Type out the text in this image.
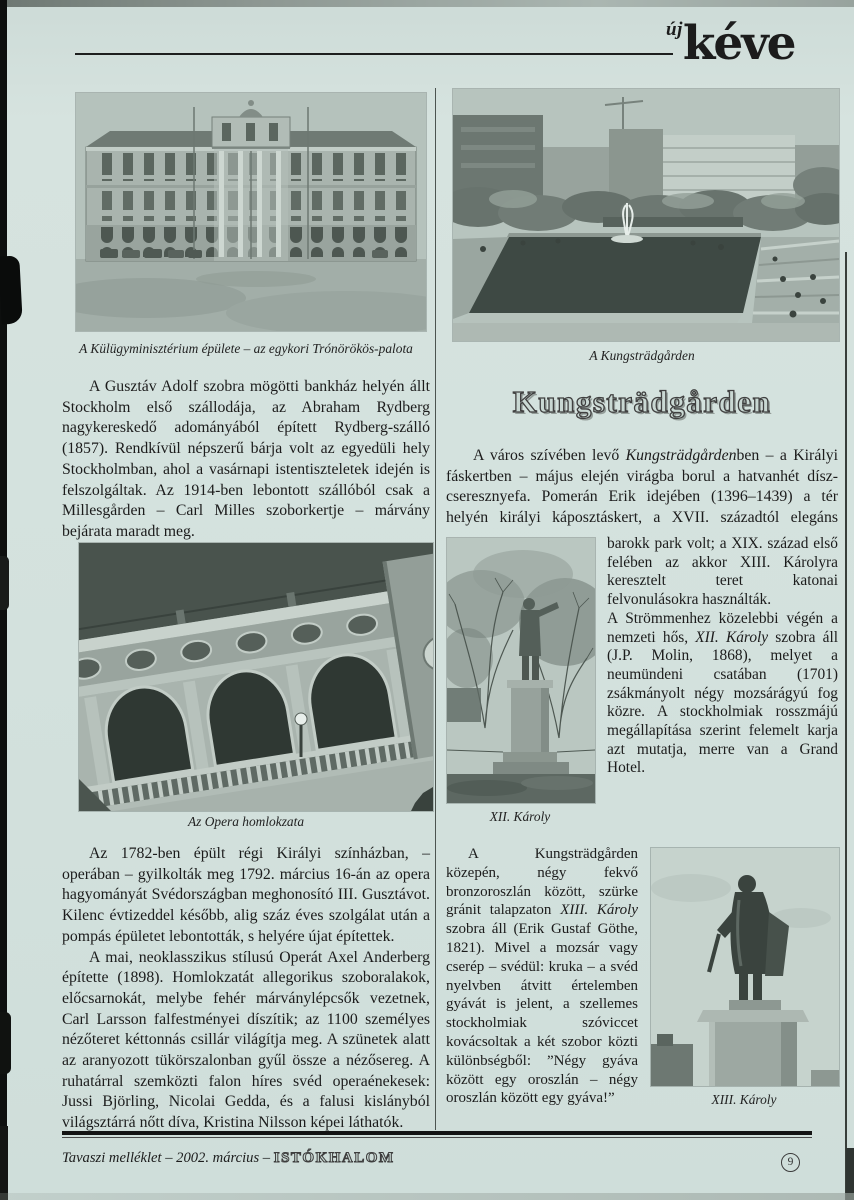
újkéve
A Külügyminisztérium épülete – az egykori Trónörökös-palota

A Gusztáv Adolf szobra mögötti bankház helyén állt Stockholm első szállodája, az Abraham Rydberg nagykereskedő adományából épített Rydberg-szálló (1857). Rendkívül népszerű bárja volt az egyedüli hely Stockholmban, ahol a vasárnapi istentiszteletek idején is felszolgáltak. Az 1914-ben lebontott szállóból csak a Millesgården – Carl Milles szoborkertje – márvány bejárata maradt meg.

Az Opera homlokzata

Az 1782-ben épült régi Királyi színházban, – operában – gyilkolták meg 1792. március 16-án az opera hagyományát Svédországban meghonosító III. Gusztávot. Kilenc évtizeddel később, alig száz éves szolgálat után a pompás épületet lebontották, s helyére újat építettek.

A mai, neoklasszikus stílusú Operát Axel Anderberg építette (1898). Homlokzatát allegorikus szoboralakok, előcsarnokát, melybe fehér márványlépcsők vezetnek, Carl Larsson falfestményei díszítik; az 1100 személyes nézőteret kéttonnás csillár világítja meg. A szünetek alatt az aranyozott tükörszalonban gyűl össze a nézősereg. A ruhatárral szemközti falon híres svéd operaénekesek: Jussi Björling, Nicolai Gedda, és a falusi kislányból világsztárrá nőtt díva, Kristina Nilsson képei láthatók.

A Kungsträdgården
Kungsträdgården

A város szívében levő Kungsträdgårdenben – a Királyi fáskertben – május elején virágba borul a hatvanhét dísz-cseresznyefa. Pomerán Erik idejében (1396–1439) a tér helyén királyi káposztáskert, a XVII. századtól elegáns

XII. Károly

barokk park volt; a XIX. század első felében az akkor XIII. Károlyra keresztelt teret katonai felvonulásokra használták.

A Strömmenhez közelebbi végén a nemzeti hős, XII. Károly szobra áll (J.P. Molin, 1868), melyet a neumündeni csatában (1701) zsákmányolt négy mozsárágyú fog közre. A stockholmiak rosszmájú megállapítása szerint felemelt karja azt mutatja, merre van a Grand Hotel.

XIII. Károly

A Kungsträdgården közepén, négy fekvő bronzoroszlán között, szürke gránit talapzaton XIII. Károly szobra áll (Erik Gustaf Göthe, 1821). Mivel a mozsár vagy cserép – svédül: kruka – a svéd nyelvben átvitt értelemben gyávát is jelent, a szellemes stockholmiak szóviccet kovácsoltak a két szobor közti különbségből: ”Négy gyáva között egy oroszlán – négy oroszlán között egy gyáva!”

Tavaszi melléklet – 2002. március – ISTÓKHALOM	9
